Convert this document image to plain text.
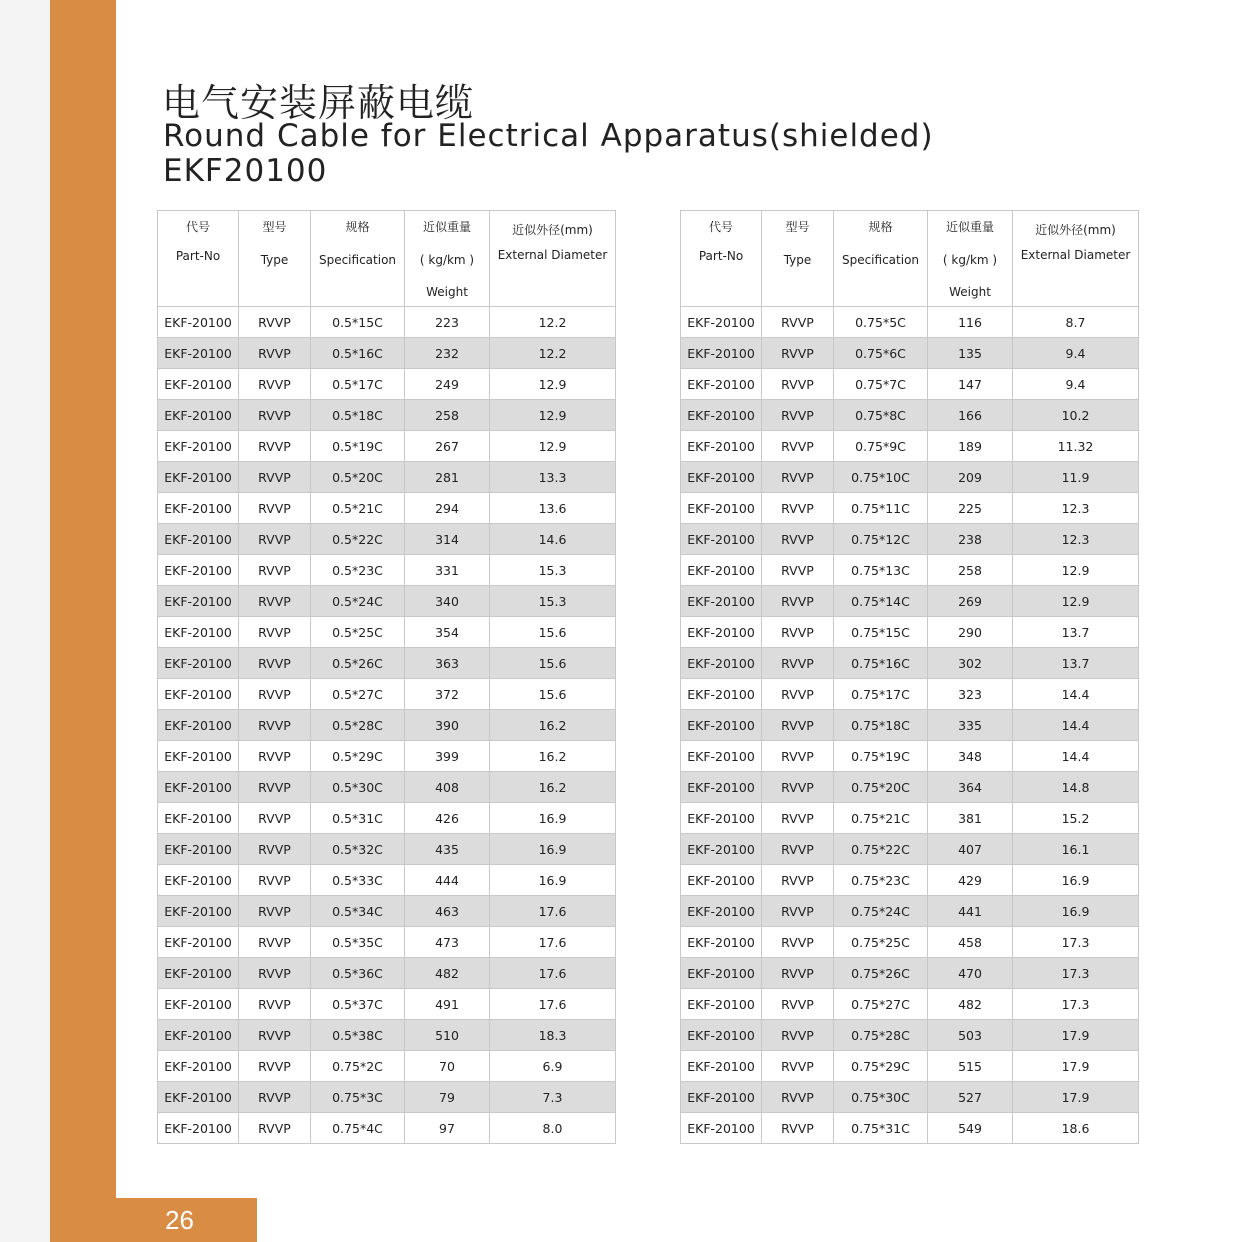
26
电气安装屏蔽电缆
Round Cable for Electrical Apparatus(shielded)
EKF20100
代号
Part-No	型号
Type	规格
Specification	近似重量
( kg/km )
Weight	近似外径(mm)
External Diameter

EKF-20100	RVVP	0.5*15C	223	12.2
EKF-20100	RVVP	0.5*16C	232	12.2
EKF-20100	RVVP	0.5*17C	249	12.9
EKF-20100	RVVP	0.5*18C	258	12.9
EKF-20100	RVVP	0.5*19C	267	12.9
EKF-20100	RVVP	0.5*20C	281	13.3
EKF-20100	RVVP	0.5*21C	294	13.6
EKF-20100	RVVP	0.5*22C	314	14.6
EKF-20100	RVVP	0.5*23C	331	15.3
EKF-20100	RVVP	0.5*24C	340	15.3
EKF-20100	RVVP	0.5*25C	354	15.6
EKF-20100	RVVP	0.5*26C	363	15.6
EKF-20100	RVVP	0.5*27C	372	15.6
EKF-20100	RVVP	0.5*28C	390	16.2
EKF-20100	RVVP	0.5*29C	399	16.2
EKF-20100	RVVP	0.5*30C	408	16.2
EKF-20100	RVVP	0.5*31C	426	16.9
EKF-20100	RVVP	0.5*32C	435	16.9
EKF-20100	RVVP	0.5*33C	444	16.9
EKF-20100	RVVP	0.5*34C	463	17.6
EKF-20100	RVVP	0.5*35C	473	17.6
EKF-20100	RVVP	0.5*36C	482	17.6
EKF-20100	RVVP	0.5*37C	491	17.6
EKF-20100	RVVP	0.5*38C	510	18.3
EKF-20100	RVVP	0.75*2C	70	6.9
EKF-20100	RVVP	0.75*3C	79	7.3
EKF-20100	RVVP	0.75*4C	97	8.0
代号
Part-No	型号
Type	规格
Specification	近似重量
( kg/km )
Weight	近似外径(mm)
External Diameter

EKF-20100	RVVP	0.75*5C	116	8.7
EKF-20100	RVVP	0.75*6C	135	9.4
EKF-20100	RVVP	0.75*7C	147	9.4
EKF-20100	RVVP	0.75*8C	166	10.2
EKF-20100	RVVP	0.75*9C	189	11.32
EKF-20100	RVVP	0.75*10C	209	11.9
EKF-20100	RVVP	0.75*11C	225	12.3
EKF-20100	RVVP	0.75*12C	238	12.3
EKF-20100	RVVP	0.75*13C	258	12.9
EKF-20100	RVVP	0.75*14C	269	12.9
EKF-20100	RVVP	0.75*15C	290	13.7
EKF-20100	RVVP	0.75*16C	302	13.7
EKF-20100	RVVP	0.75*17C	323	14.4
EKF-20100	RVVP	0.75*18C	335	14.4
EKF-20100	RVVP	0.75*19C	348	14.4
EKF-20100	RVVP	0.75*20C	364	14.8
EKF-20100	RVVP	0.75*21C	381	15.2
EKF-20100	RVVP	0.75*22C	407	16.1
EKF-20100	RVVP	0.75*23C	429	16.9
EKF-20100	RVVP	0.75*24C	441	16.9
EKF-20100	RVVP	0.75*25C	458	17.3
EKF-20100	RVVP	0.75*26C	470	17.3
EKF-20100	RVVP	0.75*27C	482	17.3
EKF-20100	RVVP	0.75*28C	503	17.9
EKF-20100	RVVP	0.75*29C	515	17.9
EKF-20100	RVVP	0.75*30C	527	17.9
EKF-20100	RVVP	0.75*31C	549	18.6
